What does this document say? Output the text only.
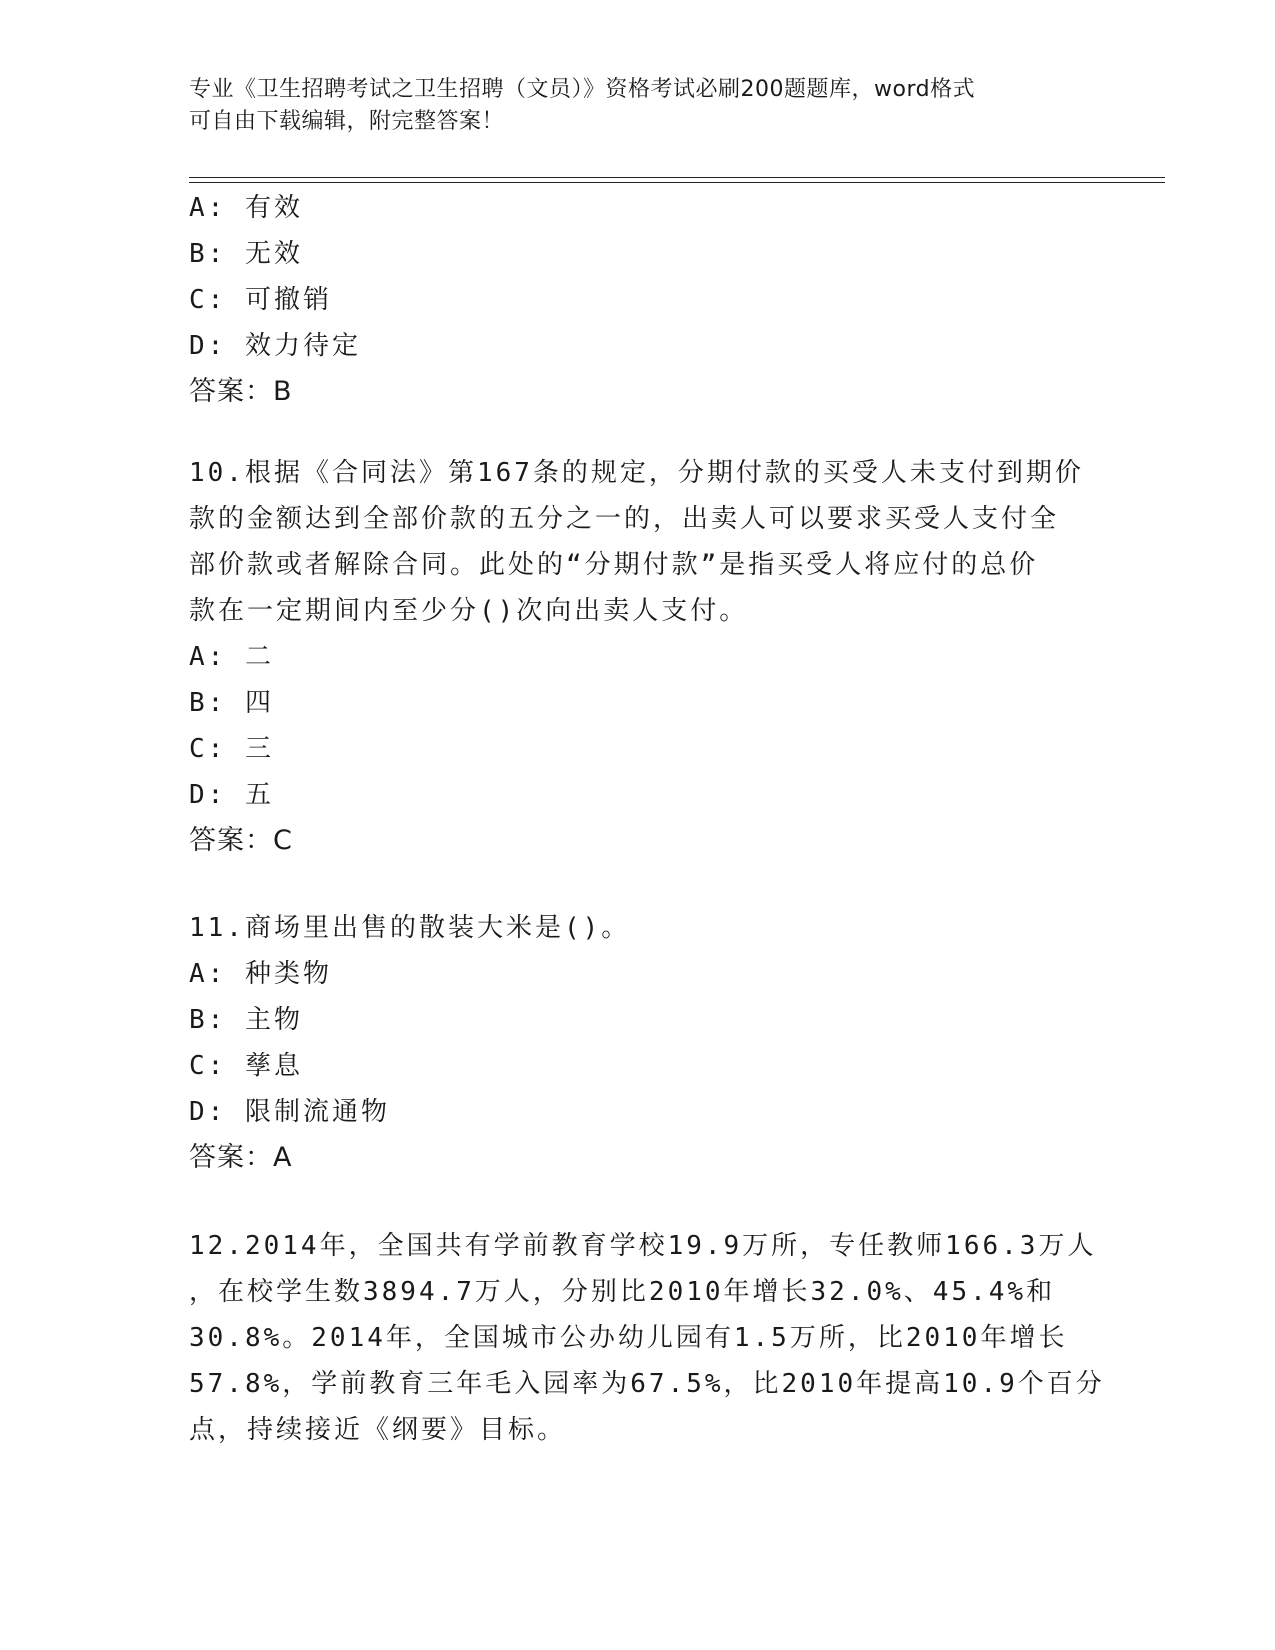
专业《卫生招聘考试之卫生招聘（文员）》资格考试必刷200题题库，word格式
可自由下载编辑，附完整答案！
A: 有效
B: 无效
C: 可撤销
D: 效力待定
答案：B
10.根据《合同法》第167条的规定，分期付款的买受人未支付到期价
款的金额达到全部价款的五分之一的，出卖人可以要求买受人支付全
部价款或者解除合同。此处的“分期付款”是指买受人将应付的总价
款在一定期间内至少分()次向出卖人支付。
A: 二
B: 四
C: 三
D: 五
答案：C
11.商场里出售的散装大米是()。
A: 种类物
B: 主物
C: 孳息
D: 限制流通物
答案：A
12.2014年，全国共有学前教育学校19.9万所，专任教师166.3万人
，在校学生数3894.7万人，分别比2010年增长32.0%、45.4%和
30.8%。2014年，全国城市公办幼儿园有1.5万所，比2010年增长
57.8%，学前教育三年毛入园率为67.5%，比2010年提高10.9个百分
点，持续接近《纲要》目标。
